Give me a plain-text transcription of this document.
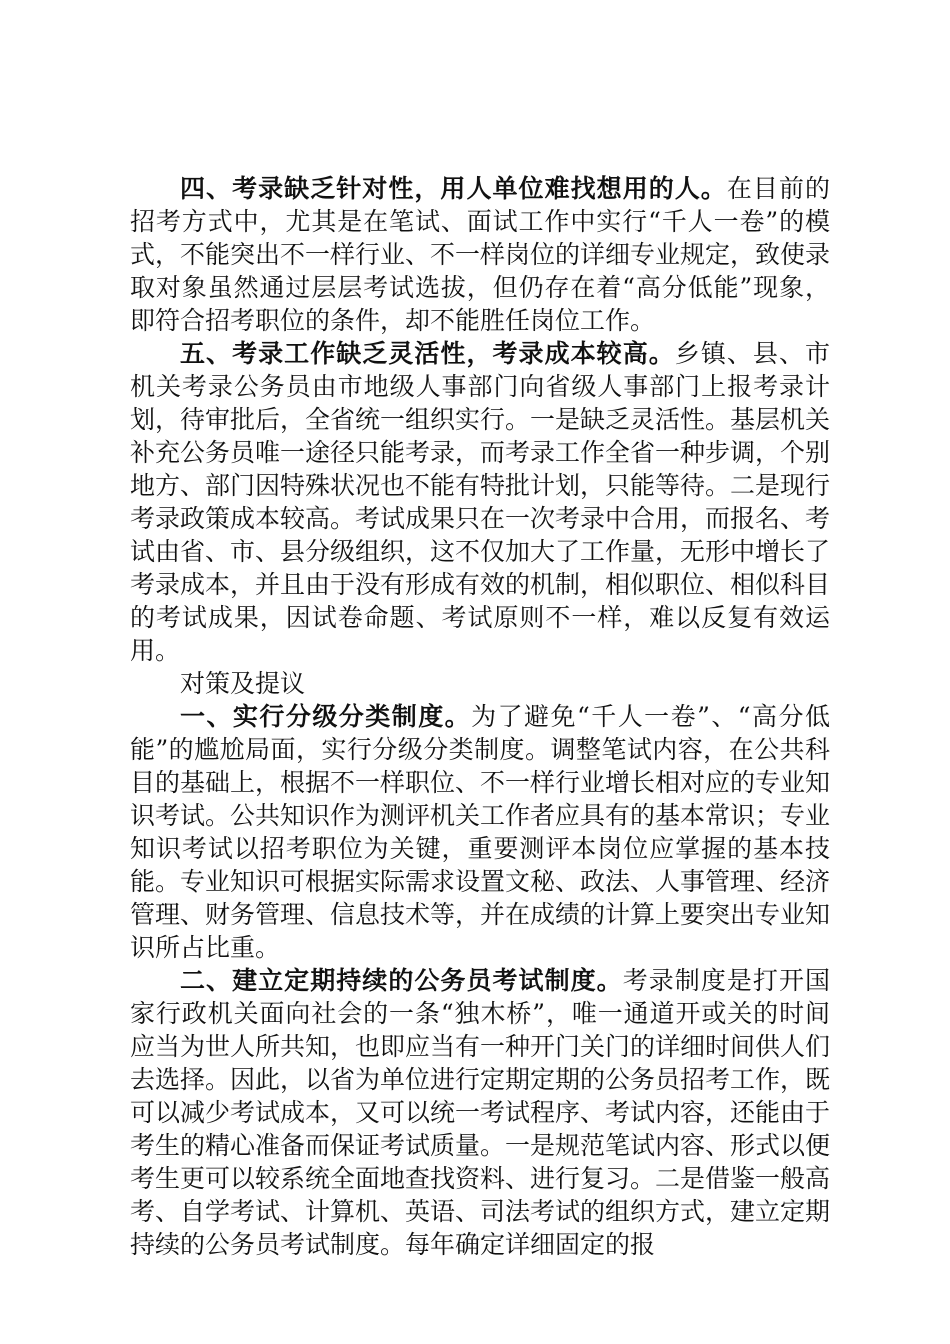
四、考录缺乏针对性，用人单位难找想用的人。在目前的招考方式中，尤其是在笔试、面试工作中实行“千人一卷”的模式，不能突出不一样行业、不一样岗位的详细专业规定，致使录取对象虽然通过层层考试选拔，但仍存在着“高分低能”现象，即符合招考职位的条件，却不能胜任岗位工作。

五、考录工作缺乏灵活性，考录成本较高。乡镇、县、市机关考录公务员由市地级人事部门向省级人事部门上报考录计划，待审批后，全省统一组织实行。一是缺乏灵活性。基层机关补充公务员唯一途径只能考录，而考录工作全省一种步调，个别地方、部门因特殊状况也不能有特批计划，只能等待。二是现行考录政策成本较高。考试成果只在一次考录中合用，而报名、考试由省、市、县分级组织，这不仅加大了工作量，无形中增长了考录成本，并且由于没有形成有效的机制，相似职位、相似科目的考试成果，因试卷命题、考试原则不一样，难以反复有效运用。

对策及提议

一、实行分级分类制度。为了避免“千人一卷”、“高分低能”的尴尬局面，实行分级分类制度。调整笔试内容，在公共科目的基础上，根据不一样职位、不一样行业增长相对应的专业知识考试。公共知识作为测评机关工作者应具有的基本常识；专业知识考试以招考职位为关键，重要测评本岗位应掌握的基本技能。专业知识可根据实际需求设置文秘、政法、人事管理、经济管理、财务管理、信息技术等，并在成绩的计算上要突出专业知识所占比重。

二、建立定期持续的公务员考试制度。考录制度是打开国家行政机关面向社会的一条“独木桥”，唯一通道开或关的时间应当为世人所共知，也即应当有一种开门关门的详细时间供人们去选择。因此，以省为单位进行定期定期的公务员招考工作，既可以减少考试成本，又可以统一考试程序、考试内容，还能由于考生的精心准备而保证考试质量。一是规范笔试内容、形式以便考生更可以较系统全面地查找资料、进行复习。二是借鉴一般高考、自学考试、计算机、英语、司法考试的组织方式，建立定期持续的公务员考试制度。每年确定详细固定的报
